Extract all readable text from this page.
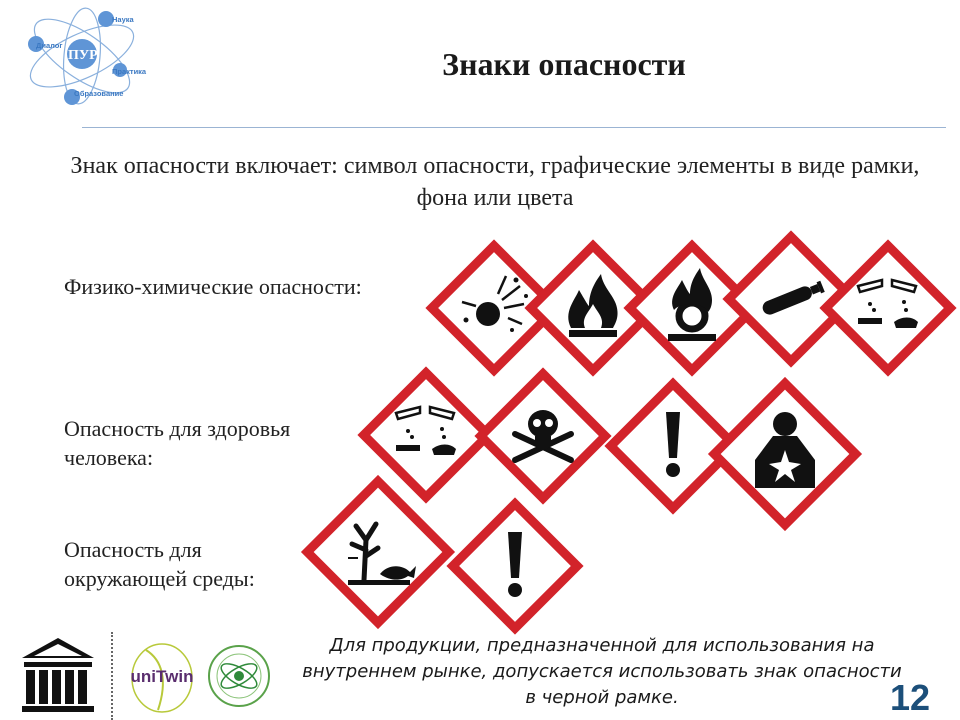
Наука
Диалог
ПУР
Практика
Образование
Знаки опасности
Знак опасности включает: символ опасности, графические элементы в виде рамки, фона или цвета
Физико-химические опасности:
Опасность для здоровья
человека:
Опасность для
окружающей среды:
uniTwin
Для продукции, предназначенной для использования на внутреннем рынке, допускается использовать знак опасности в черной рамке.	12
